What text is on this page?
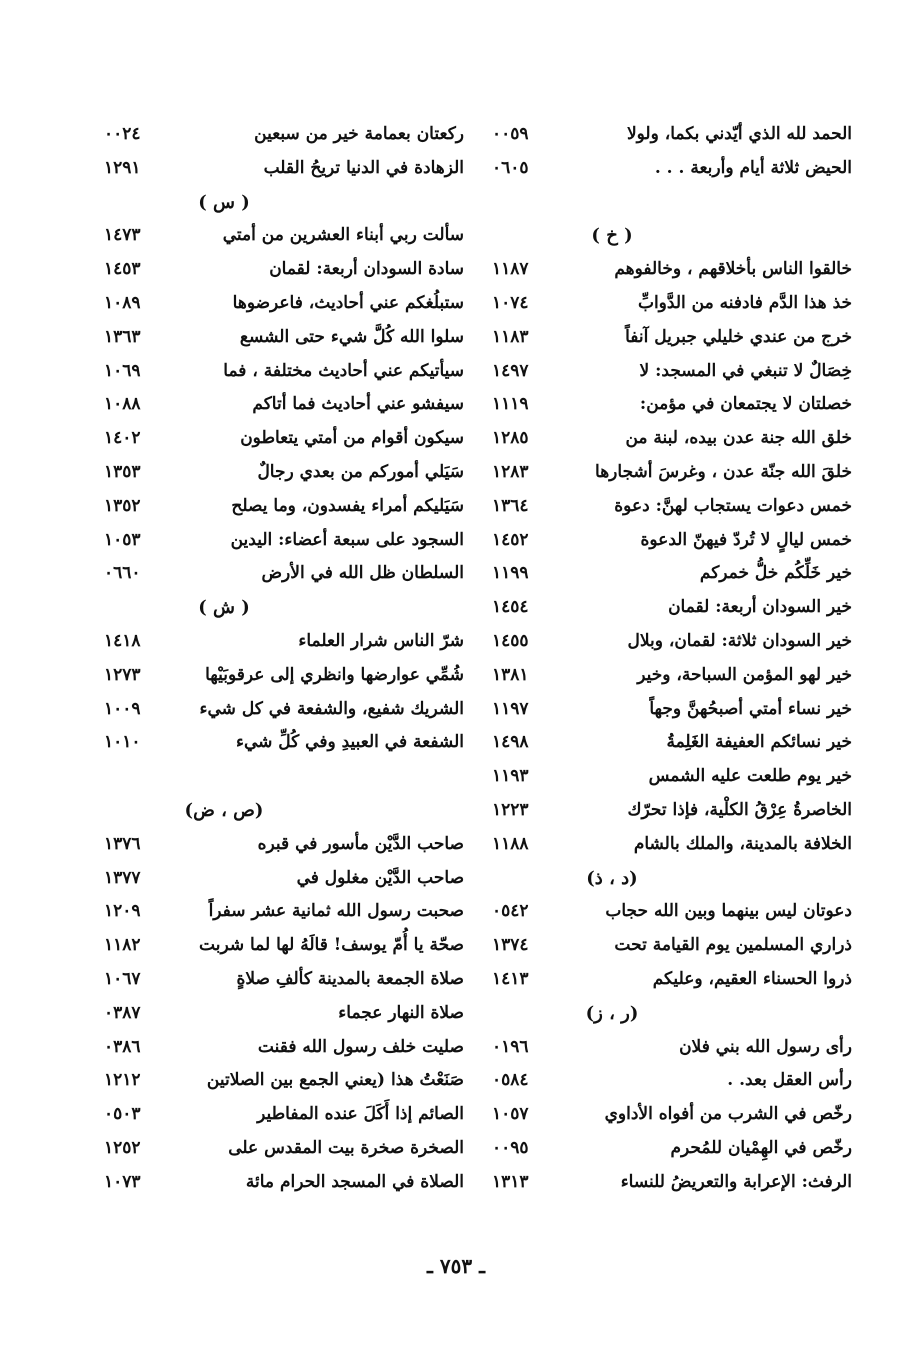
الحمد لله الذي أيّدني بكما، ولولا
٠٠٥٩
الحيض ثلاثة أيام وأربعة . . .
٠٦٠٥
( خ )
خالقوا الناس بأخلاقهم ، وخالفوهم
١١٨٧
خذ هذا الدَّم فادفنه من الدَّوابِّ
١٠٧٤
خرج من عندي خليلي جبريل آنفاً
١١٨٣
خِصَالٌ لا تنبغي في المسجد: لا
١٤٩٧
خصلتان لا يجتمعان في مؤمن:
١١١٩
خلق الله جنة عدن بيده، لبنة من
١٢٨٥
خلقَ الله جنّة عدن ، وغرسَ أشجارها
١٢٨٣
خمس دعوات يستجاب لهنَّ: دعوة
١٣٦٤
خمس ليالٍ لا تُردّ فيهنّ الدعوة
١٤٥٢
خير خَلِّكُم خلُّ خمركم
١١٩٩
خير السودان أربعة: لقمان
١٤٥٤
خير السودان ثلاثة: لقمان، وبلال
١٤٥٥
خير لهو المؤمن السباحة، وخير
١٣٨١
خير نساء أمتي أصبحُهنَّ وجهاً
١١٩٧
خير نسائكم العفيفة الغَلِمةُ
١٤٩٨
خير يوم طلعت عليه الشمس
١١٩٣
الخاصرةُ عِرْقُ الكلْية، فإذا تحرّك
١٢٢٣
الخلافة بالمدينة، والملك بالشام
١١٨٨
(د ، ذ)
دعوتان ليس بينهما وبين الله حجاب
٠٥٤٢
ذراري المسلمين يوم القيامة تحت
١٣٧٤
ذروا الحسناء العقيم، وعليكم
١٤١٣
(ر ، ز)
رأى رسول الله بني فلان
٠١٩٦
رأس العقل بعد. .
٠٥٨٤
رخّص في الشرب من أفواه الأداوي
١٠٥٧
رخّص في الهِمْيان للمُحرم
٠٠٩٥
الرفث: الإعرابة والتعريضُ للنساء
١٣١٣
ركعتان بعمامة خير من سبعين
٠٠٢٤
الزهادة في الدنيا تريحُ القلب
١٢٩١
( س )
سألت ربي أبناء العشرين من أمتي
١٤٧٣
سادة السودان أربعة: لقمان
١٤٥٣
ستبلُغكم عني أحاديث، فاعرضوها
١٠٨٩
سلوا الله كُلَّ شيء حتى الشسع
١٣٦٣
سيأتيكم عني أحاديث مختلفة ، فما
١٠٦٩
سيفشو عني أحاديث فما أتاكم
١٠٨٨
سيكون أقوام من أمتي يتعاطون
١٤٠٢
سَيَلي أموركم من بعدي رجالٌ
١٣٥٣
سَيَليكم أمراء يفسدون، وما يصلح
١٣٥٢
السجود على سبعة أعضاء: اليدين
١٠٥٣
السلطان ظل الله في الأرض
٠٦٦٠
( ش )
شرّ الناس شرار العلماء
١٤١٨
شُمِّي عوارضها وانظري إلى عرقوبَيْها
١٢٧٣
الشريك شفيع، والشفعة في كل شيء
١٠٠٩
الشفعة في العبيدِ وفي كُلِّ شيء
١٠١٠
(ص ، ض)
صاحب الدَّيْن مأسور في قبره
١٣٧٦
صاحب الدَّيْن مغلول في
١٣٧٧
صحبت رسول الله ثمانية عشر سفراً
١٢٠٩
صحّة يا أُمّ يوسف! قالَهُ لها لما شربت
١١٨٢
صلاة الجمعة بالمدينة كألفِ صلاةٍ
١٠٦٧
صلاة النهار عجماء
٠٣٨٧
صليت خلف رسول الله فقنت
٠٣٨٦
صَنَعْتُ هذا (يعني الجمع بين الصلاتين
١٢١٢
الصائم إذا أَكَلَ عنده المفاطير
٠٥٠٣
الصخرة صخرة بيت المقدس على
١٢٥٢
الصلاة في المسجد الحرام مائة
١٠٧٣
ـ ٧٥٣ ـ
